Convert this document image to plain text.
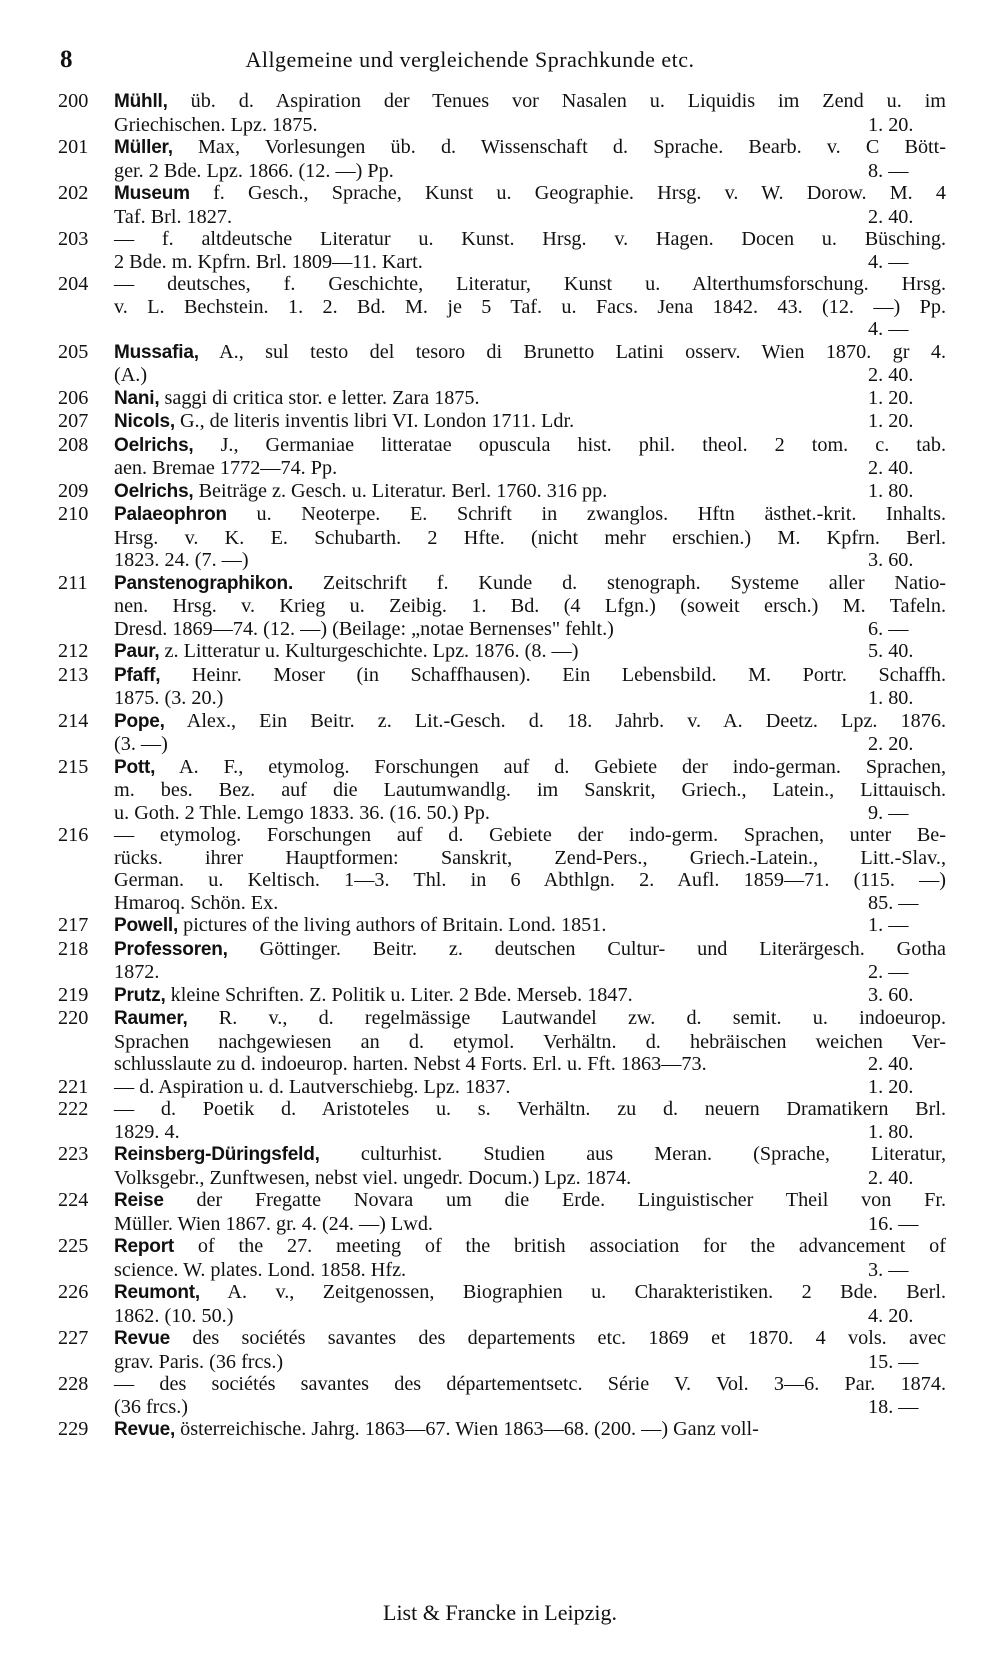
8	Allgemeine und vergleichende Sprachkunde etc.
200	Mühll, üb. d. Aspiration der Tenues vor Nasalen u. Liquidis im Zend u. im
Griechischen. Lpz. 1875.	1. 20.
201	Müller, Max, Vorlesungen üb. d. Wissenschaft d. Sprache. Bearb. v. C Bött-
ger. 2 Bde. Lpz. 1866. (12. —) Pp.	8. —
202	Museum f. Gesch., Sprache, Kunst u. Geographie. Hrsg. v. W. Dorow. M. 4
Taf. Brl. 1827.	2. 40.
203	— f. altdeutsche Literatur u. Kunst. Hrsg. v. Hagen. Docen u. Büsching.
2 Bde. m. Kpfrn. Brl. 1809—11. Kart.	4. —
204	— deutsches, f. Geschichte, Literatur, Kunst u. Alterthumsforschung. Hrsg.
v. L. Bechstein. 1. 2. Bd. M. je 5 Taf. u. Facs. Jena 1842. 43. (12. —) Pp.
4. —
205	Mussafia, A., sul testo del tesoro di Brunetto Latini osserv. Wien 1870. gr 4.
(A.)	2. 40.
206	Nani, saggi di critica stor. e letter. Zara 1875.	1. 20.
207	Nicols, G., de literis inventis libri VI. London 1711. Ldr.	1. 20.
208	Oelrichs, J., Germaniae litteratae opuscula hist. phil. theol. 2 tom. c. tab.
aen. Bremae 1772—74. Pp.	2. 40.
209	Oelrichs, Beiträge z. Gesch. u. Literatur. Berl. 1760. 316 pp.	1. 80.
210	Palaeophron u. Neoterpe. E. Schrift in zwanglos. Hftn ästhet.-krit. Inhalts.
Hrsg. v. K. E. Schubarth. 2 Hfte. (nicht mehr erschien.) M. Kpfrn. Berl.
1823. 24. (7. —)	3. 60.
211	Panstenographikon. Zeitschrift f. Kunde d. stenograph. Systeme aller Natio-
nen. Hrsg. v. Krieg u. Zeibig. 1. Bd. (4 Lfgn.) (soweit ersch.) M. Tafeln.
Dresd. 1869—74. (12. —) (Beilage: „notae Bernenses" fehlt.)	6. —
212	Paur, z. Litteratur u. Kulturgeschichte. Lpz. 1876. (8. —)	5. 40.
213	Pfaff, Heinr. Moser (in Schaffhausen). Ein Lebensbild. M. Portr. Schaffh.
1875. (3. 20.)	1. 80.
214	Pope, Alex., Ein Beitr. z. Lit.-Gesch. d. 18. Jahrb. v. A. Deetz. Lpz. 1876.
(3. —)	2. 20.
215	Pott, A. F., etymolog. Forschungen auf d. Gebiete der indo-german. Sprachen,
m. bes. Bez. auf die Lautumwandlg. im Sanskrit, Griech., Latein., Littauisch.
u. Goth. 2 Thle. Lemgo 1833. 36. (16. 50.) Pp.	9. —
216	— etymolog. Forschungen auf d. Gebiete der indo-germ. Sprachen, unter Be-
rücks. ihrer Hauptformen: Sanskrit, Zend-Pers., Griech.-Latein., Litt.-Slav.,
German. u. Keltisch. 1—3. Thl. in 6 Abthlgn. 2. Aufl. 1859—71. (115. —)
Hmaroq. Schön. Ex.	85. —
217	Powell, pictures of the living authors of Britain. Lond. 1851.	1. —
218	Professoren, Göttinger. Beitr. z. deutschen Cultur- und Literärgesch. Gotha
1872.	2. —
219	Prutz, kleine Schriften. Z. Politik u. Liter. 2 Bde. Merseb. 1847.	3. 60.
220	Raumer, R. v., d. regelmässige Lautwandel zw. d. semit. u. indoeurop.
Sprachen nachgewiesen an d. etymol. Verhältn. d. hebräischen weichen Ver-
schlusslaute zu d. indoeurop. harten. Nebst 4 Forts. Erl. u. Fft. 1863—73.	2. 40.
221	— d. Aspiration u. d. Lautverschiebg. Lpz. 1837.	1. 20.
222	— d. Poetik d. Aristoteles u. s. Verhältn. zu d. neuern Dramatikern Brl.
1829. 4.	1. 80.
223	Reinsberg-Düringsfeld, culturhist. Studien aus Meran. (Sprache, Literatur,
Volksgebr., Zunftwesen, nebst viel. ungedr. Docum.) Lpz. 1874.	2. 40.
224	Reise der Fregatte Novara um die Erde. Linguistischer Theil von Fr.
Müller. Wien 1867. gr. 4. (24. —) Lwd.	16. —
225	Report of the 27. meeting of the british association for the advancement of
science. W. plates. Lond. 1858. Hfz.	3. —
226	Reumont, A. v., Zeitgenossen, Biographien u. Charakteristiken. 2 Bde. Berl.
1862. (10. 50.)	4. 20.
227	Revue des sociétés savantes des departements etc. 1869 et 1870. 4 vols. avec
grav. Paris. (36 frcs.)	15. —
228	— des sociétés savantes des départementsetc. Série V. Vol. 3—6. Par. 1874.
(36 frcs.)	18. —
229	Revue, österreichische. Jahrg. 1863—67. Wien 1863—68. (200. —) Ganz voll-
List & Francke in Leipzig.
